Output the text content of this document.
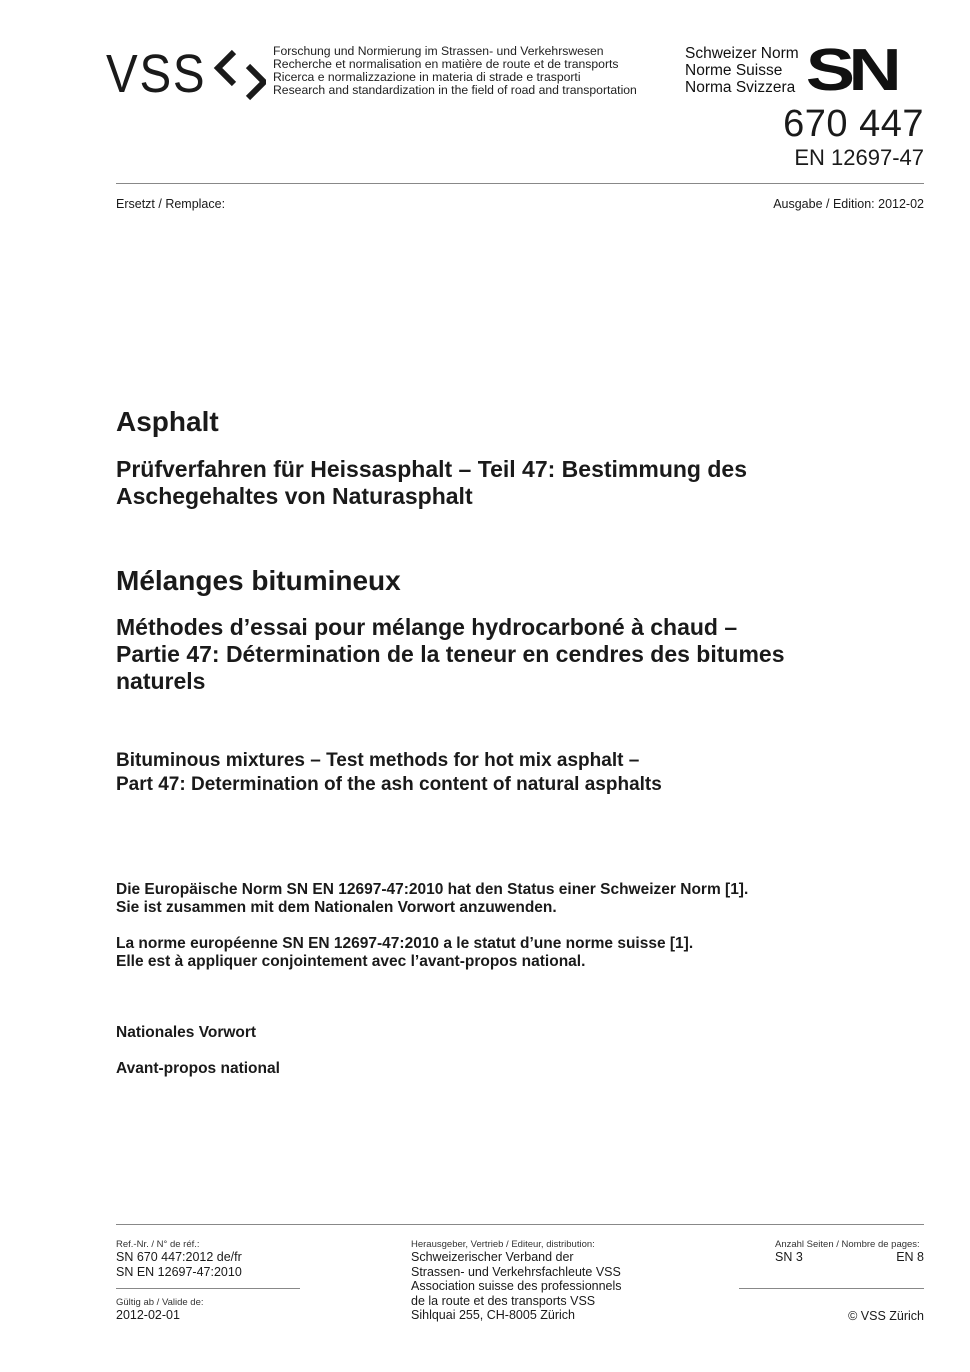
VSS	Forschung und Normierung im Strassen- und Verkehrswesen
Recherche et normalisation en matière de route et de transports
Ricerca e normalizzazione in materia di strade e trasporti
Research and standardization in the field of road and transportation
Schweizer Norm
Norme Suisse
Norma Svizzera SN
670 447
EN 12697-47
Ersetzt / Remplace:	Ausgabe / Edition: 2012-02
Asphalt
Prüfverfahren für Heissasphalt – Teil 47: Bestimmung des
Aschegehaltes von Naturasphalt
Mélanges bitumineux
Méthodes d’essai pour mélange hydrocarboné à chaud –
Partie 47: Détermination de la teneur en cendres des bitumes
naturels
Bituminous mixtures – Test methods for hot mix asphalt –
Part 47: Determination of the ash content of natural asphalts
Die Europäische Norm SN EN 12697-47:2010 hat den Status einer Schweizer Norm [1].
Sie ist zusammen mit dem Nationalen Vorwort anzuwenden.
La norme européenne SN EN 12697-47:2010 a le statut d’une norme suisse [1].
Elle est à appliquer conjointement avec l’avant-propos national.
Nationales Vorwort
Avant-propos national
Ref.-Nr. / N° de réf.:
SN 670 447:2012 de/fr
SN EN 12697-47:2010
Gültig ab / Valide de:
2012-02-01
Herausgeber, Vertrieb / Editeur, distribution:
Schweizerischer Verband der
Strassen- und Verkehrsfachleute VSS
Association suisse des professionnels
de la route et des transports VSS
Sihlquai 255, CH-8005 Zürich
Anzahl Seiten / Nombre de pages:
SN 3	EN 8
© VSS Zürich
